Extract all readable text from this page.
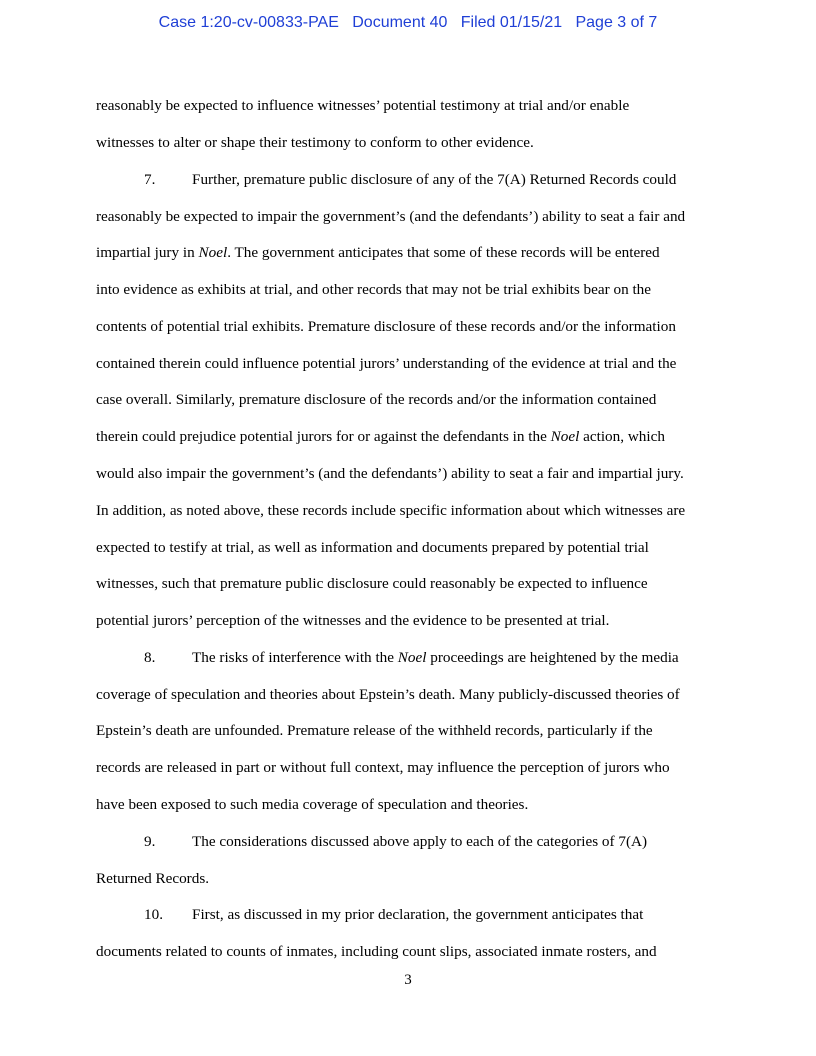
Case 1:20-cv-00833-PAE   Document 40   Filed 01/15/21   Page 3 of 7
reasonably be expected to influence witnesses’ potential testimony at trial and/or enable
witnesses to alter or shape their testimony to conform to other evidence.
7. Further, premature public disclosure of any of the 7(A) Returned Records could
reasonably be expected to impair the government’s (and the defendants’) ability to seat a fair and
impartial jury in Noel. The government anticipates that some of these records will be entered
into evidence as exhibits at trial, and other records that may not be trial exhibits bear on the
contents of potential trial exhibits. Premature disclosure of these records and/or the information
contained therein could influence potential jurors’ understanding of the evidence at trial and the
case overall. Similarly, premature disclosure of the records and/or the information contained
therein could prejudice potential jurors for or against the defendants in the Noel action, which
would also impair the government’s (and the defendants’) ability to seat a fair and impartial jury.
In addition, as noted above, these records include specific information about which witnesses are
expected to testify at trial, as well as information and documents prepared by potential trial
witnesses, such that premature public disclosure could reasonably be expected to influence
potential jurors’ perception of the witnesses and the evidence to be presented at trial.
8. The risks of interference with the Noel proceedings are heightened by the media
coverage of speculation and theories about Epstein’s death. Many publicly-discussed theories of
Epstein’s death are unfounded. Premature release of the withheld records, particularly if the
records are released in part or without full context, may influence the perception of jurors who
have been exposed to such media coverage of speculation and theories.
9. The considerations discussed above apply to each of the categories of 7(A)
Returned Records.
10. First, as discussed in my prior declaration, the government anticipates that
documents related to counts of inmates, including count slips, associated inmate rosters, and
3
